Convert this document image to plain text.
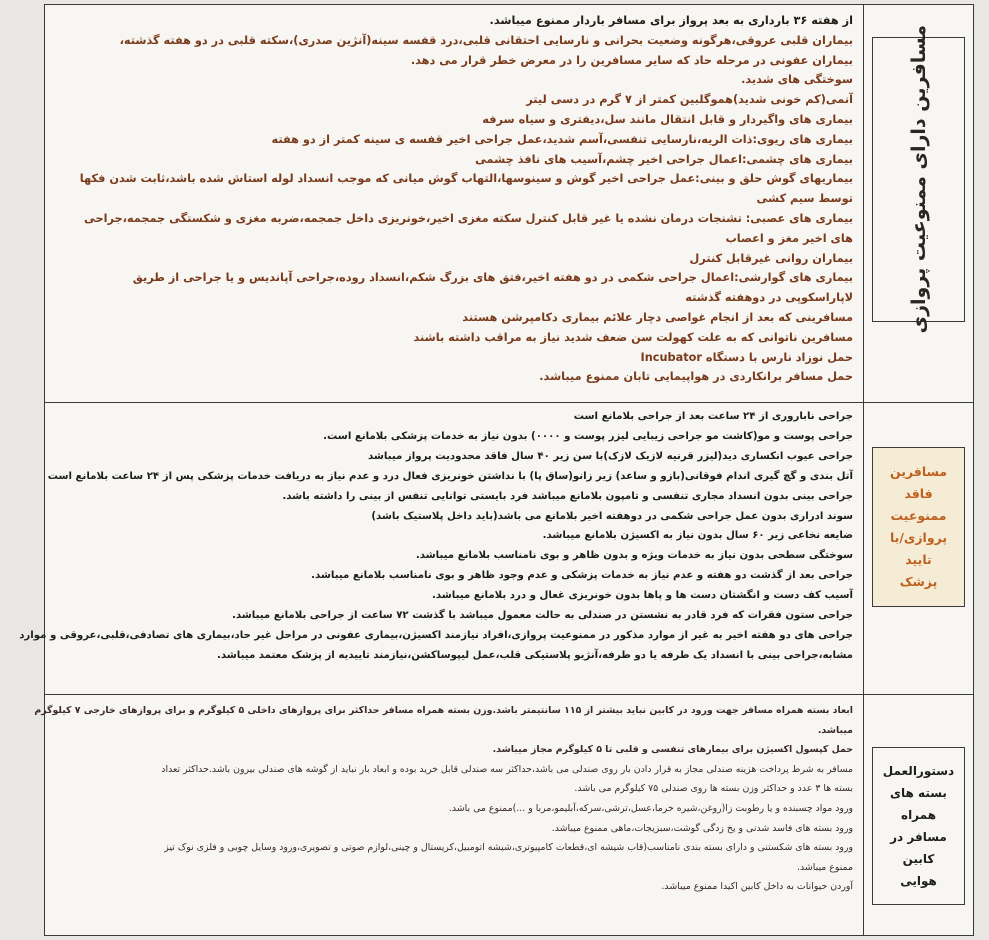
مسافرین دارای ممنوعیت پروازی

از هفته ۳۶ بارداری به بعد پرواز برای مسافر باردار ممنوع میباشد.

بیماران قلبی عروقی،هرگونه وضعیت بحرانی و نارسایی احتقانی قلبی،درد قفسه سینه(آنژین صدری)،سکته قلبی در دو هفته گذشته،

بیماران عفونی در مرحله حاد که سایر مسافرین را در معرض خطر قرار می دهد.

سوختگی های شدید.

آنمی(کم خونی شدید)هموگلبین کمتر از ۷ گرم در دسی لیتر

بیماری های واگیردار و قابل انتقال مانند سل،دیفتری و سیاه سرفه

بیماری های ریوی:ذات الریه،نارسایی تنفسی،آسم شدید،عمل جراحی اخیر قفسه ی سینه کمتر از دو هفته

بیماری های چشمی:اعمال جراحی اخیر چشم،آسیب های نافذ چشمی

بیماریهای گوش حلق و بینی:عمل جراحی اخیر گوش و سینوسها،التهاب گوش میانی که موجب انسداد لوله استاش شده باشد،ثابت شدن فکها

توسط سیم کشی

بیماری های عصبی: تشنجات درمان نشده یا غیر قابل کنترل سکته مغزی اخیر،خونریزی داخل جمجمه،ضربه مغزی و شکستگی جمجمه،جراحی

های اخیر مغز و اعصاب

بیماران روانی غیرقابل کنترل

بیماری های گوارشی:اعمال جراحی شکمی در دو هفته اخیر،فتق های بزرگ شکم،انسداد روده،جراحی آپاندیس و یا جراحی از طریق

لاپاراسکوپی در دوهفته گذشته

مسافرینی که بعد از انجام غواصی دچار علائم بیماری دکامپرشن هستند

مسافرین ناتوانی که به علت کهولت سن ضعف شدید نیاز به مراقب داشته باشند

حمل نوزاد نارس با دستگاه Incubator

حمل مسافر برانکاردی در هواپیمایی تابان ممنوع میباشد.

مسافرین
فاقد
ممنوعیت
پروازی/با
تایید
پزشک

جراحی ناباروری از ۲۴ ساعت بعد از جراحی بلامانع است

جراحی پوست و مو(کاشت مو جراحی زیبایی لیزر پوست و ۰۰۰۰) بدون نیاز به خدمات پزشکی بلامانع است.

جراحی عیوب انکساری دید(لیزر قرنیه لازیک لازک)با سن زیر ۴۰ سال فاقد محدودیت پرواز میباشد

آتل بندی و گچ گیری اندام فوقانی(بازو و ساعد) زیر زانو(ساق پا) با نداشتن خونریزی فعال درد و عدم نیاز به دریافت خدمات پزشکی پس از ۲۴ ساعت بلامانع است

جراحی بینی بدون انسداد مجاری تنفسی و تامپون بلامانع میباشد فرد بایستی توانایی تنفس از بینی را داشته باشد.

سوند ادراری بدون عمل جراحی شکمی در دوهفته اخیر بلامانع می باشد(باید داخل پلاستیک باشد)

ضایعه نخاعی زیر ۶۰ سال بدون نیاز به اکسیژن بلامانع میباشد.

سوختگی سطحی بدون نیاز به خدمات ویژه و بدون ظاهر و بوی نامناسب بلامانع میباشد.

جراحی بعد از گذشت دو هفته و عدم نیاز به خدمات پزشکی و عدم وجود ظاهر و بوی نامناسب بلامانع میباشد.

آسیب کف دست و انگشتان دست ها و پاها بدون خونریزی غعال و درد بلامانع میباشد.

جراحی ستون فقرات که فرد قادر به نشستن در صندلی به حالت معمول میباشد با گذشت ۷۲ ساعت از جراحی بلامانع میباشد.

جراحی های دو هفته اخیر به غیر از موارد مذکور در ممنوعیت پروازی،افراد نیازمند اکسیژن،بیماری عفونی در مراحل غیر حاد،بیماری های تصادفی،قلبی،عروقی و موارد

مشابه،جراحی بینی با انسداد یک طرفه یا دو طرفه،آنژیو پلاستیکی قلب،عمل لیپوساکشن،نیازمند تاییدیه از پزشک معتمد میباشد.

دستورالعمل
بسته های
همراه
مسافر در
کابین
هوایی

ابعاد بسته همراه مسافر جهت ورود در کابین نباید بیشتر از ۱۱۵ سانتیمتر باشد.وزن بسته همراه مسافر حداکثر برای پروازهای داخلی ۵ کیلوگرم و برای پروازهای خارجی ۷ کیلوگرم

میباشد.

حمل کپسول اکسیژن برای بیمارهای تنفسی و قلبی تا ۵ کیلوگرم مجاز میباشد.

مسافر به شرط پرداخت هزینه صندلی مجاز به قرار دادن بار روی صندلی می باشد،حداکثر سه صندلی قابل خرید بوده و ابعاد بار نباید از گوشه های صندلی بیرون باشد.حداکثر تعداد

بسته ها ۳ عدد و حداکثر وزن بسته ها روی صندلی ۷۵ کیلوگرم می باشد.

ورود مواد چسبنده و یا رطوبت زا(روغن،شیره خرما،عسل،ترشی،سرکه،آبلیمو،مربا و ...)ممنوع می باشد.

ورود بسته های فاسد شدنی و یخ زدگی گوشت،سبزیجات،ماهی ممنوع میباشد.

ورود بسته های شکستنی و دارای بسته بندی نامناسب(قاب شیشه ای،قطعات کامپیوتری،شیشه اتومبیل،کریستال و چینی،لوازم صوتی و تصویری،ورود وسایل چوبی و فلزی نوک تیز

ممنوع میباشد.

آوردن حیوانات به داخل کابین اکیدا ممنوع میباشد.
